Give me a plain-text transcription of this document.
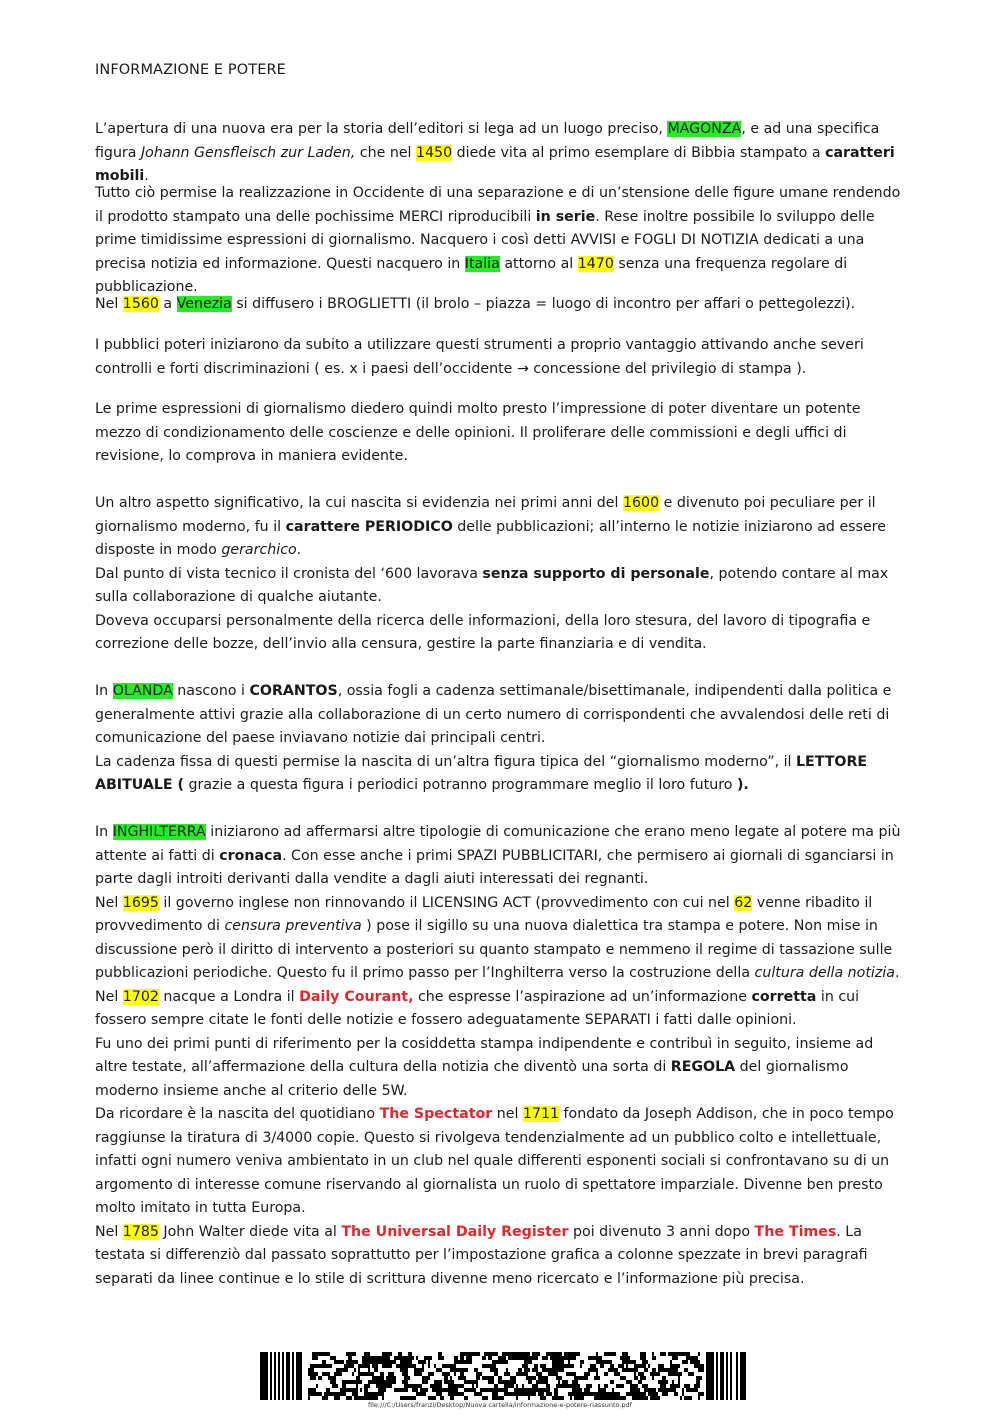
INFORMAZIONE E POTERE

L’apertura di una nuova era per la storia dell’editori si lega ad un luogo preciso, MAGONZA, e ad una specifica figura Johann Gensfleisch zur Laden, che nel 1450 diede vita al primo esemplare di Bibbia stampato a caratteri mobili.

Tutto ciò permise la realizzazione in Occidente di una separazione e di un’stensione delle figure umane rendendo il prodotto stampato una delle pochissime MERCI riproducibili in serie. Rese inoltre possibile lo sviluppo delle prime timidissime espressioni di giornalismo. Nacquero i così detti AVVISI e FOGLI DI NOTIZIA dedicati a una precisa notizia ed informazione. Questi nacquero in Italia attorno al 1470 senza una frequenza regolare di pubblicazione.

Nel 1560 a Venezia si diffusero i BROGLIETTI (il brolo – piazza = luogo di incontro per affari o pettegolezzi).

I pubblici poteri iniziarono da subito a utilizzare questi strumenti a proprio vantaggio attivando anche severi controlli e forti discriminazioni ( es. x i paesi dell’occidente → concessione del privilegio di stampa ).

Le prime espressioni di giornalismo diedero quindi molto presto l’impressione di poter diventare un potente mezzo di condizionamento delle coscienze e delle opinioni. Il proliferare delle commissioni e degli uffici di revisione, lo comprova in maniera evidente.

Un altro aspetto significativo, la cui nascita si evidenzia nei primi anni del 1600 e divenuto poi peculiare per il giornalismo moderno, fu il carattere PERIODICO delle pubblicazioni; all’interno le notizie iniziarono ad essere disposte in modo gerarchico.
Dal punto di vista tecnico il cronista del ‘600 lavorava senza supporto di personale, potendo contare al max sulla collaborazione di qualche aiutante.
Doveva occuparsi personalmente della ricerca delle informazioni, della loro stesura, del lavoro di tipografia e correzione delle bozze, dell’invio alla censura, gestire la parte finanziaria e di vendita.

In OLANDA nascono i CORANTOS, ossia fogli a cadenza settimanale/bisettimanale, indipendenti dalla politica e generalmente attivi grazie alla collaborazione di un certo numero di corrispondenti che avvalendosi delle reti di comunicazione del paese inviavano notizie dai principali centri.
La cadenza fissa di questi permise la nascita di un’altra figura tipica del “giornalismo moderno”, il LETTORE ABITUALE ( grazie a questa figura i periodici potranno programmare meglio il loro futuro ).

In INGHILTERRA iniziarono ad affermarsi altre tipologie di comunicazione che erano meno legate al potere ma più attente ai fatti di cronaca. Con esse anche i primi SPAZI PUBBLICITARI, che permisero ai giornali di sganciarsi in parte dagli introiti derivanti dalla vendite a dagli aiuti interessati dei regnanti.
Nel 1695 il governo inglese non rinnovando il LICENSING ACT (provvedimento con cui nel 62 venne ribadito il provvedimento di censura preventiva ) pose il sigillo su una nuova dialettica tra stampa e potere. Non mise in discussione però il diritto di intervento a posteriori su quanto stampato e nemmeno il regime di tassazione sulle pubblicazioni periodiche. Questo fu il primo passo per l’Inghilterra verso la costruzione della cultura della notizia.
Nel 1702 nacque a Londra il Daily Courant, che espresse l’aspirazione ad un’informazione corretta in cui fossero sempre citate le fonti delle notizie e fossero adeguatamente SEPARATI i fatti dalle opinioni.
Fu uno dei primi punti di riferimento per la cosiddetta stampa indipendente e contribuì in seguito, insieme ad altre testate, all’affermazione della cultura della notizia che diventò una sorta di REGOLA del giornalismo moderno insieme anche al criterio delle 5W.
Da ricordare è la nascita del quotidiano The Spectator nel 1711 fondato da Joseph Addison, che in poco tempo raggiunse la tiratura di 3/4000 copie. Questo si rivolgeva tendenzialmente ad un pubblico colto e intellettuale, infatti ogni numero veniva ambientato in un club nel quale differenti esponenti sociali si confrontavano su di un argomento di interesse comune riservando al giornalista un ruolo di spettatore imparziale. Divenne ben presto molto imitato in tutta Europa.
Nel 1785 John Walter diede vita al The Universal Daily Register poi divenuto 3 anni dopo The Times. La testata si differenziò dal passato soprattutto per l’impostazione grafica a colonne spezzate in brevi paragrafi separati da linee continue e lo stile di scrittura divenne meno ricercato e l’informazione più precisa.

file:///C:/Users/franzi/Desktop/Nuova cartella/informazione-e-potere-riassunto.pdf
